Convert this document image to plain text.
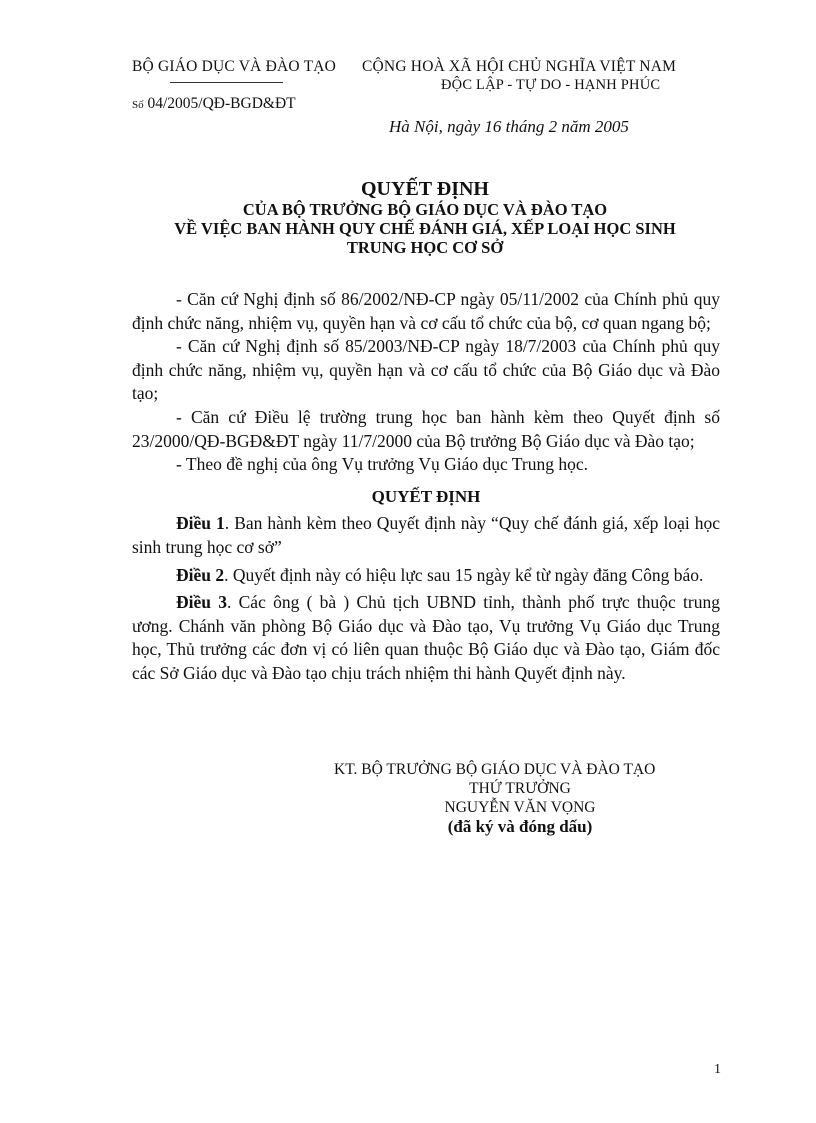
BỘ GIÁO DỤC VÀ ĐÀO TẠO CỘNG HOÀ XÃ HỘI CHỦ NGHĨA VIỆT NAM
ĐỘC LẬP - TỰ DO - HẠNH PHÚC
Số 04/2005/QĐ-BGD&ĐT
Hà Nội, ngày 16 tháng 2 năm 2005
QUYẾT ĐỊNH
CỦA BỘ TRƯỞNG BỘ GIÁO DỤC VÀ ĐÀO TẠO
VỀ VIỆC BAN HÀNH QUY CHẾ ĐÁNH GIÁ, XẾP LOẠI HỌC SINH
TRUNG HỌC CƠ SỞ

- Căn cứ Nghị định số 86/2002/NĐ-CP ngày 05/11/2002 của Chính phủ quy định chức năng, nhiệm vụ, quyền hạn và cơ cấu tổ chức của bộ, cơ quan ngang bộ;

- Căn cứ Nghị định số 85/2003/NĐ-CP ngày 18/7/2003 của Chính phủ quy định chức năng, nhiệm vụ, quyền hạn và cơ cấu tổ chức của Bộ Giáo dục và Đào tạo;

- Căn cứ Điều lệ trường trung học ban hành kèm theo Quyết định số 23/2000/QĐ-BGĐ&ĐT ngày 11/7/2000 của Bộ trưởng Bộ Giáo dục và Đào tạo;

- Theo đề nghị của ông Vụ trưởng Vụ Giáo dục Trung học.

QUYẾT ĐỊNH

Điều 1. Ban hành kèm theo Quyết định này “Quy chế đánh giá, xếp loại học sinh trung học cơ sở”

Điều 2. Quyết định này có hiệu lực sau 15 ngày kể từ ngày đăng Công báo.

Điều 3. Các ông ( bà ) Chủ tịch UBND tỉnh, thành phố trực thuộc trung ương. Chánh văn phòng Bộ Giáo dục và Đào tạo, Vụ trưởng Vụ Giáo dục Trung học, Thủ trưởng các đơn vị có liên quan thuộc Bộ Giáo dục và Đào tạo, Giám đốc các Sở Giáo dục và Đào tạo chịu trách nhiệm thi hành Quyết định này.

KT. BỘ TRƯỞNG BỘ GIÁO DỤC VÀ ĐÀO TẠO
THỨ TRƯỞNG
NGUYỄN VĂN VỌNG
(đã ký và đóng dấu)
1
